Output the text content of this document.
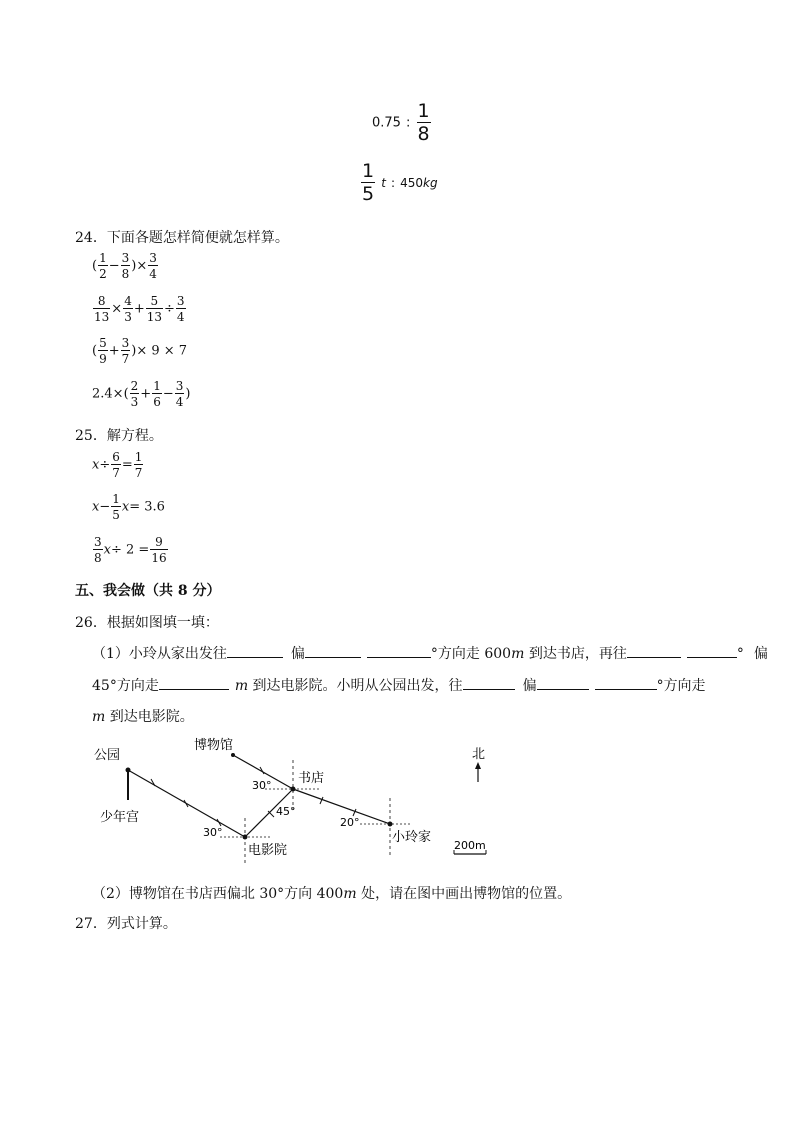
0.75 : $\frac{1}{8}$
$\frac{1}{5}$ t : 450kg
24．下面各题怎样简便就怎样算。
( $\frac{1}{2} - \frac{3}{8}$ )× $\frac{3}{4}$
$\frac{8}{13} \times \frac{4}{3} + \frac{5}{13} \div \frac{3}{4}$
( $\frac{5}{9} + \frac{3}{7}$ )× 9 × 7
$2.4\times( \frac{2}{3} + \frac{1}{6} - \frac{3}{4}$ )
25．解方程。
$x\div \frac{6}{7} = \frac{1}{7}$
$x- \frac{1}{5} x= 3.6$
$\frac{3}{8} x\div 2 = \frac{9}{16}$
五、我会做（共 8 分）
26．根据如图填一填：
（1）小玲从家出发往	偏	°方向走 600m 到达书店，再往	° 偏
45°方向走	m 到达电影院。小明从公园出发，往	偏	°方向走
m 到达电影院。
公园
少年宫
博物馆
书店
电影院
小玲家
北
30°
45°
30°
20°
200m
（2）博物馆在书店西偏北 30°方向 400m 处，请在图中画出博物馆的位置。
27．列式计算。
